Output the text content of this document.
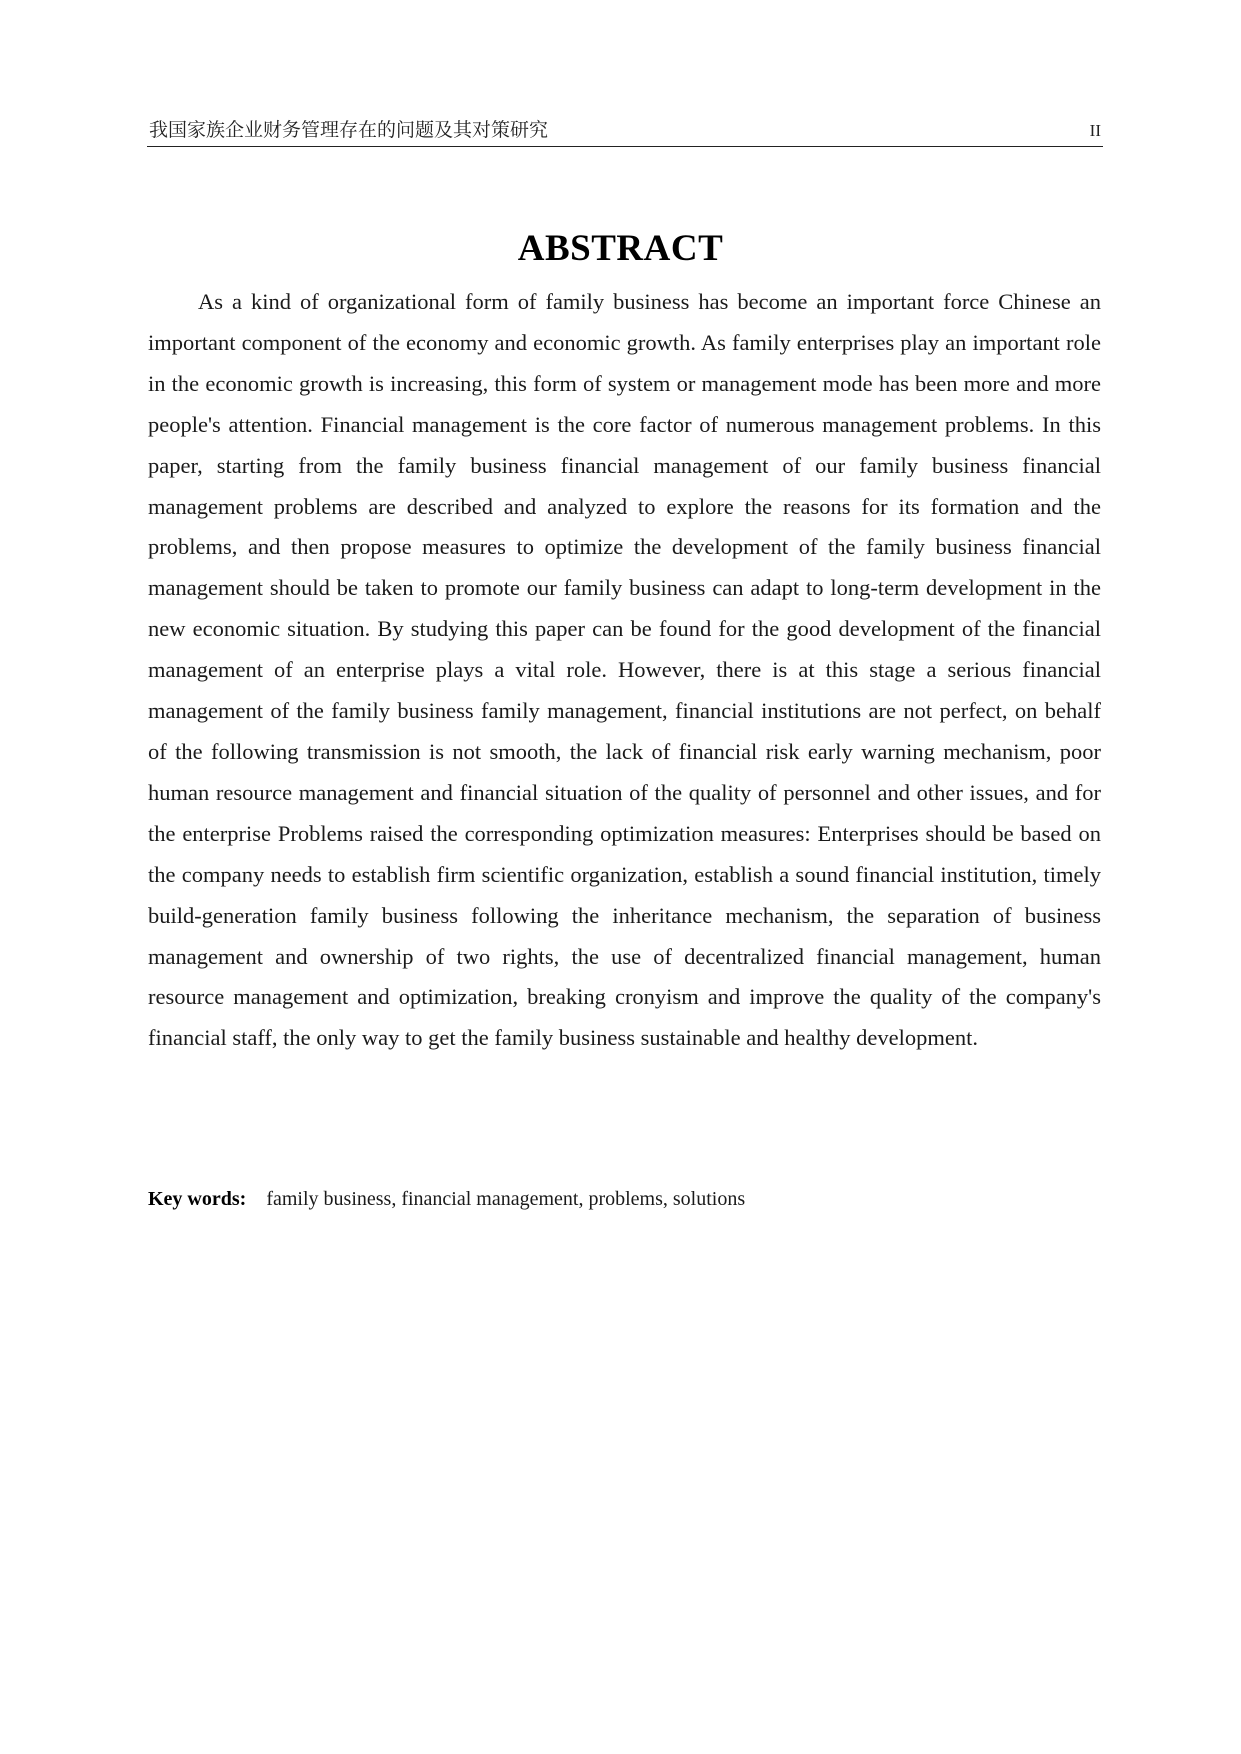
我国家族企业财务管理存在的问题及其对策研究	II
ABSTRACT

As a kind of organizational form of family business has become an important force Chinese an important component of the economy and economic growth. As family enterprises play an important role in the economic growth is increasing, this form of system or management mode has been more and more people's attention. Financial management is the core factor of numerous management problems. In this paper, starting from the family business financial management of our family business financial management problems are described and analyzed to explore the reasons for its formation and the problems, and then propose measures to optimize the development of the family business financial management should be taken to promote our family business can adapt to long-term development in the new economic situation. By studying this paper can be found for the good development of the financial management of an enterprise plays a vital role. However, there is at this stage a serious financial management of the family business family management, financial institutions are not perfect, on behalf of the following transmission is not smooth, the lack of financial risk early warning mechanism, poor human resource management and financial situation of the quality of personnel and other issues, and for the enterprise Problems raised the corresponding optimization measures: Enterprises should be based on the company needs to establish firm scientific organization, establish a sound financial institution, timely build-generation family business following the inheritance mechanism, the separation of business management and ownership of two rights, the use of decentralized financial management, human resource management and optimization, breaking cronyism and improve the quality of the company's financial staff, the only way to get the family business sustainable and healthy development.

Key words: family business, financial management, problems, solutions
